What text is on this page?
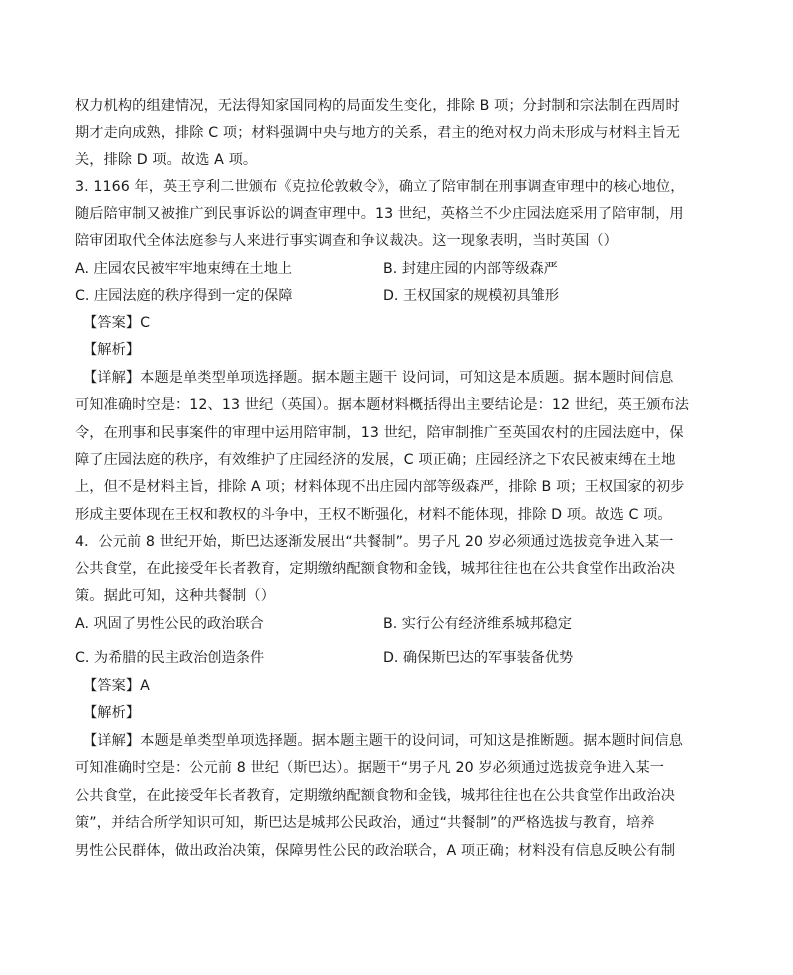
权力机构的组建情况，无法得知家国同构的局面发生变化，排除 B 项；分封制和宗法制在西周时
期才走向成熟，排除 C 项；材料强调中央与地方的关系，君主的绝对权力尚未形成与材料主旨无
关，排除 D 项。故选 A 项。
3. 1166 年，英王亨利二世颁布《克拉伦敦敕令》，确立了陪审制在刑事调查审理中的核心地位，
随后陪审制又被推广到民事诉讼的调查审理中。13 世纪，英格兰不少庄园法庭采用了陪审制，用
陪审团取代全体法庭参与人来进行事实调查和争议裁决。这一现象表明，当时英国（）
A. 庄园农民被牢牢地束缚在土地上	B. 封建庄园的内部等级森严
C. 庄园法庭的秩序得到一定的保障	D. 王权国家的规模初具雏形
【答案】C
【解析】
【详解】本题是单类型单项选择题。据本题主题干 设问词，可知这是本质题。据本题时间信息
可知准确时空是：12、13 世纪（英国）。据本题材料概括得出主要结论是：12 世纪，英王颁布法
令，在刑事和民事案件的审理中运用陪审制，13 世纪，陪审制推广至英国农村的庄园法庭中，保
障了庄园法庭的秩序，有效维护了庄园经济的发展，C 项正确；庄园经济之下农民被束缚在土地
上，但不是材料主旨，排除 A 项；材料体现不出庄园内部等级森严，排除 B 项；王权国家的初步
形成主要体现在王权和教权的斗争中，王权不断强化，材料不能体现，排除 D 项。故选 C 项。
4．公元前 8 世纪开始，斯巴达逐渐发展出“共餐制”。男子凡 20 岁必须通过选拔竞争进入某一
公共食堂，在此接受年长者教育，定期缴纳配额食物和金钱，城邦往往也在公共食堂作出政治决
策。据此可知，这种共餐制（）
A. 巩固了男性公民的政治联合	B. 实行公有经济维系城邦稳定
C. 为希腊的民主政治创造条件	D. 确保斯巴达的军事装备优势
【答案】A
【解析】
【详解】本题是单类型单项选择题。据本题主题干的设问词，可知这是推断题。据本题时间信息
可知准确时空是：公元前 8 世纪（斯巴达）。据题干“男子凡 20 岁必须通过选拔竞争进入某一
公共食堂，在此接受年长者教育，定期缴纳配额食物和金钱，城邦往往也在公共食堂作出政治决
策”，并结合所学知识可知，斯巴达是城邦公民政治，通过“共餐制”的严格选拔与教育，培养
男性公民群体，做出政治决策，保障男性公民的政治联合，A 项正确；材料没有信息反映公有制
